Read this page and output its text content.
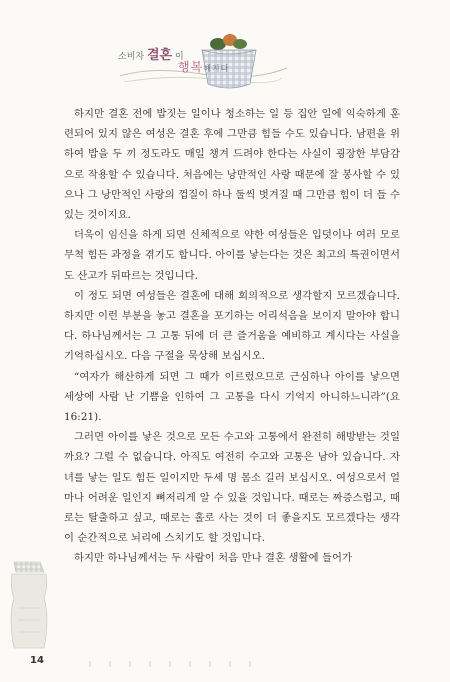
소비자 결혼 이
행복해지다

하지만 결혼 전에 밥짓는 일이나 청소하는 일 등 집안 일에 익숙하게 훈련되어 있지 않은 여성은 결혼 후에 그만큼 힘들 수도 있습니다. 남편을 위하여 밥을 두 끼 정도라도 매일 챙겨 드려야 한다는 사실이 굉장한 부담감으로 작용할 수 있습니다. 처음에는 낭만적인 사랑 때문에 잘 봉사할 수 있으나 그 낭만적인 사랑의 껍질이 하나 둘씩 벗겨질 때 그만큼 힘이 더 들 수 있는 것이지요.

더욱이 임신을 하게 되면 신체적으로 약한 여성들은 입덧이나 여러 모로 무척 힘든 과정을 겪기도 합니다. 아이를 낳는다는 것은 최고의 특권이면서도 산고가 뒤따르는 것입니다.

이 정도 되면 여성들은 결혼에 대해 회의적으로 생각할지 모르겠습니다. 하지만 이런 부분을 놓고 결혼을 포기하는 어리석음을 보이지 말아야 합니다. 하나님께서는 그 고통 뒤에 더 큰 즐거움을 예비하고 계시다는 사실을 기억하십시오. 다음 구절을 묵상해 보십시오.

“여자가 해산하게 되면 그 때가 이르렀으므로 근심하나 아이를 낳으면 세상에 사람 난 기쁨을 인하여 그 고통을 다시 기억지 아니하느니라”(요 16:21).

그러면 아이를 낳은 것으로 모든 수고와 고통에서 완전히 해방받는 것일까요? 그럴 수 없습니다. 아직도 여전히 수고와 고통은 남아 있습니다. 자녀를 낳는 일도 힘든 일이지만 두세 명 몸소 길러 보십시오. 여성으로서 얼마나 어려운 일인지 뼈저리게 알 수 있을 것입니다. 때로는 짜증스럽고, 때로는 탈출하고 싶고, 때로는 홀로 사는 것이 더 좋을지도 모르겠다는 생각이 순간적으로 뇌리에 스치기도 할 것입니다.

하지만 하나님께서는 두 사람이 처음 만나 결혼 생활에 들어가

14
